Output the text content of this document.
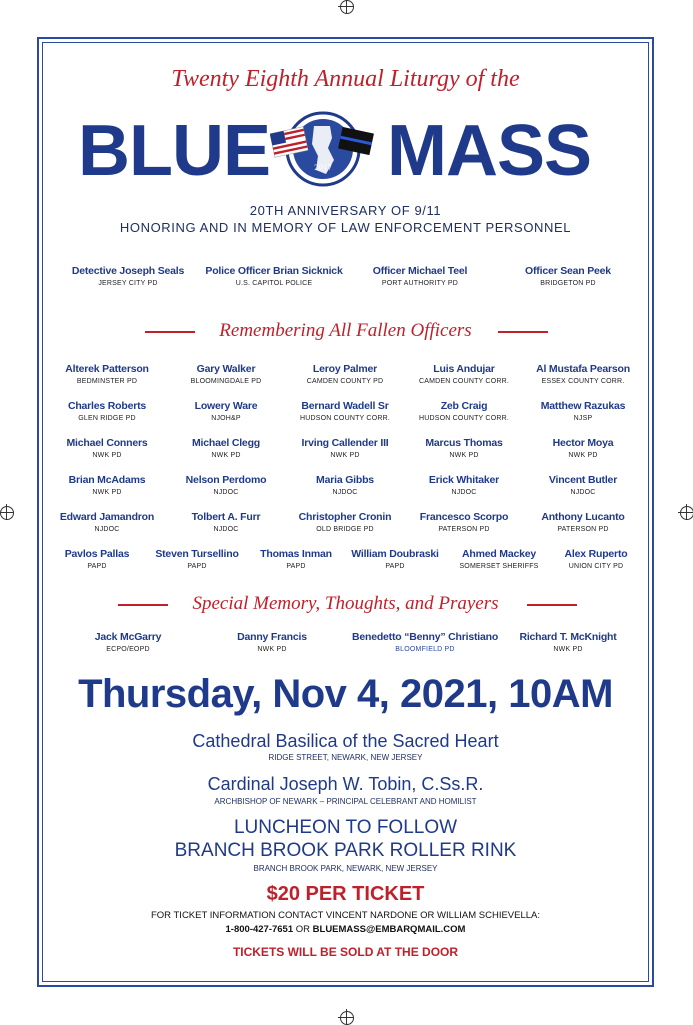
Twenty Eighth Annual Liturgy of the
BLUE	2017 MASS
20TH ANNIVERSARY OF 9/11
HONORING AND IN MEMORY OF LAW ENFORCEMENT PERSONNEL
Detective Joseph Seals
JERSEY CITY PD
Police Officer Brian Sicknick
U.S. CAPITOL POLICE
Officer Michael Teel
PORT AUTHORITY PD
Officer Sean Peek
BRIDGETON PD
Remembering All Fallen Officers
Alterek Patterson
BEDMINSTER PD
Gary Walker
BLOOMINGDALE PD
Leroy Palmer
CAMDEN COUNTY PD
Luis Andujar
CAMDEN COUNTY CORR.
Al Mustafa Pearson
ESSEX COUNTY CORR.
Charles Roberts
GLEN RIDGE PD
Lowery Ware
NJOH&P
Bernard Wadell Sr
HUDSON COUNTY CORR.
Zeb Craig
HUDSON COUNTY CORR.
Matthew Razukas
NJSP
Michael Conners
NWK PD
Michael Clegg
NWK PD
Irving Callender III
NWK PD
Marcus Thomas
NWK PD
Hector Moya
NWK PD
Brian McAdams
NWK PD
Nelson Perdomo
NJDOC
Maria Gibbs
NJDOC
Erick Whitaker
NJDOC
Vincent Butler
NJDOC
Edward Jamandron
NJDOC
Tolbert A. Furr
NJDOC
Christopher Cronin
OLD BRIDGE PD
Francesco Scorpo
PATERSON PD
Anthony Lucanto
PATERSON PD
Pavlos Pallas
PAPD
Steven Tursellino
PAPD
Thomas Inman
PAPD
William Doubraski
PAPD
Ahmed Mackey
SOMERSET SHERIFFS
Alex Ruperto
UNION CITY PD
Special Memory, Thoughts, and Prayers
Jack McGarry
ECPO/EOPD
Danny Francis
NWK PD
Benedetto “Benny” Christiano
BLOOMFIELD PD
Richard T. McKnight
NWK PD
Thursday, Nov 4, 2021, 10AM
Cathedral Basilica of the Sacred Heart
RIDGE STREET, NEWARK, NEW JERSEY
Cardinal Joseph W. Tobin, C.Ss.R.
ARCHBISHOP OF NEWARK – PRINCIPAL CELEBRANT AND HOMILIST
LUNCHEON TO FOLLOW
BRANCH BROOK PARK ROLLER RINK
BRANCH BROOK PARK, NEWARK, NEW JERSEY
$20 PER TICKET
FOR TICKET INFORMATION CONTACT VINCENT NARDONE OR WILLIAM SCHIEVELLA:
1-800-427-7651 OR BLUEMASS@EMBARQMAIL.COM
TICKETS WILL BE SOLD AT THE DOOR
